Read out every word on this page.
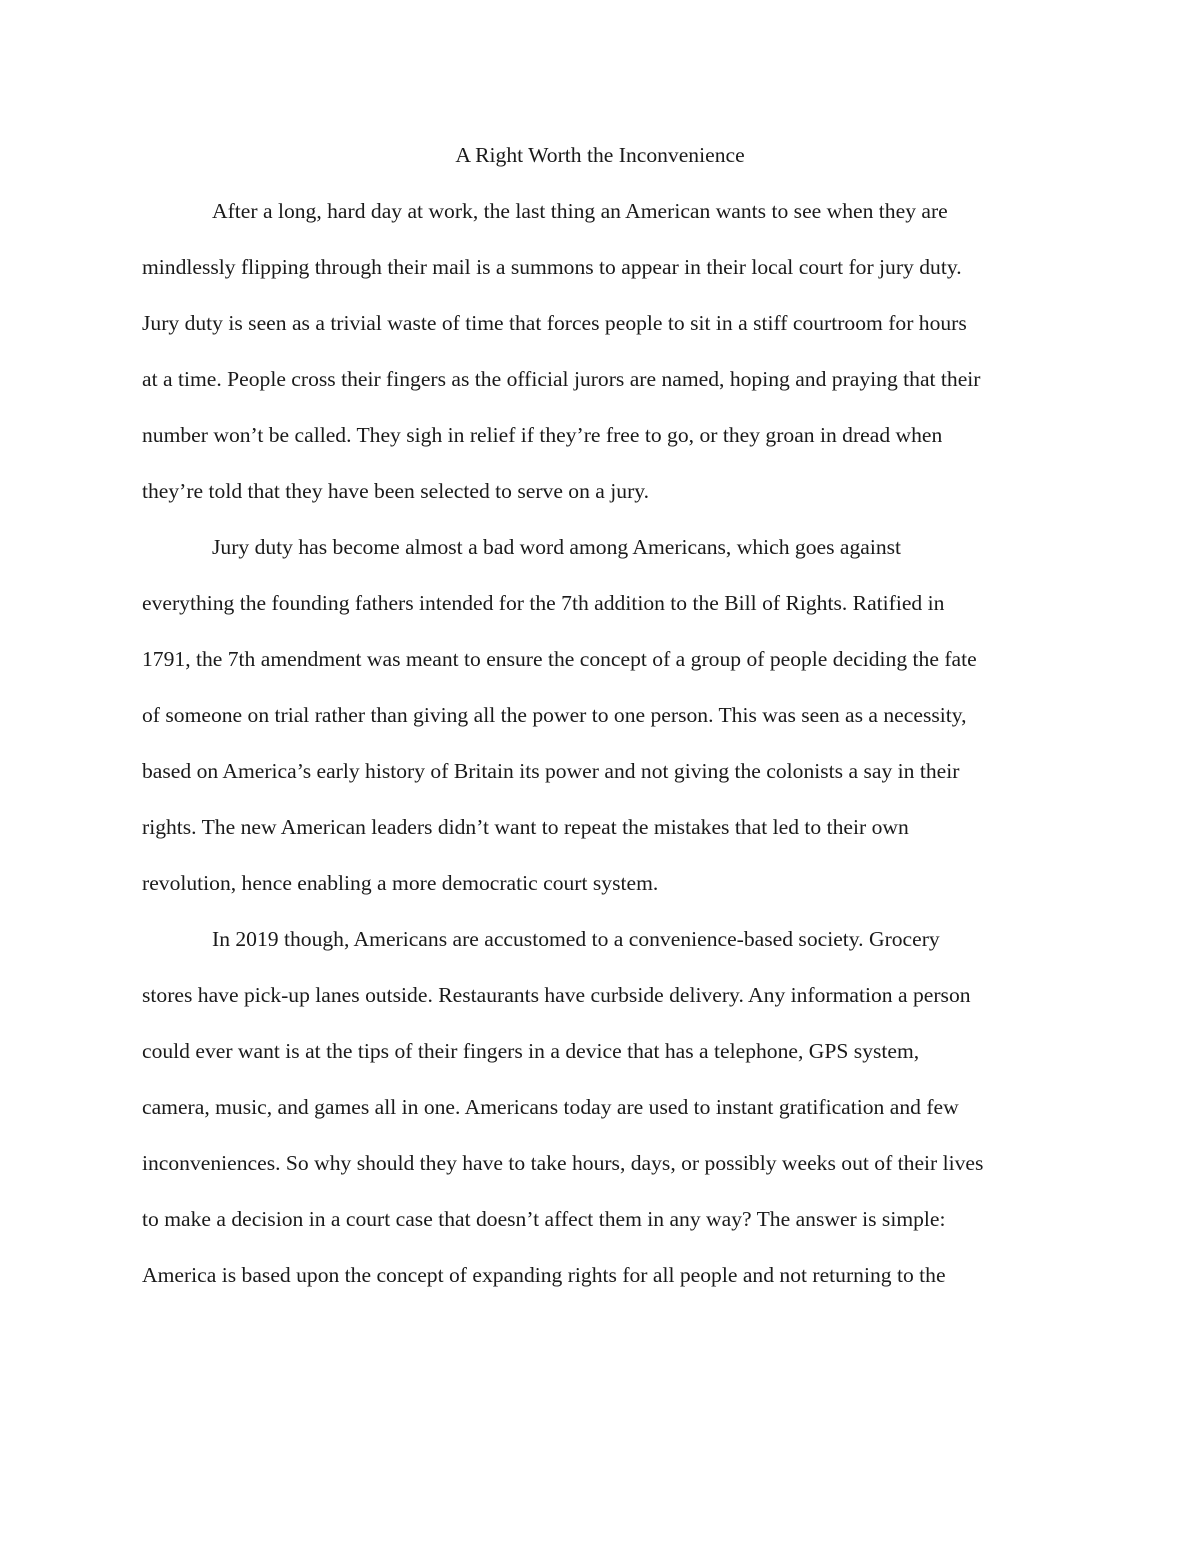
A Right Worth the Inconvenience
After a long, hard day at work, the last thing an American wants to see when they are
mindlessly flipping through their mail is a summons to appear in their local court for jury duty.
Jury duty is seen as a trivial waste of time that forces people to sit in a stiff courtroom for hours
at a time. People cross their fingers as the official jurors are named, hoping and praying that their
number won’t be called. They sigh in relief if they’re free to go, or they groan in dread when
they’re told that they have been selected to serve on a jury.
Jury duty has become almost a bad word among Americans, which goes against
everything the founding fathers intended for the 7th addition to the Bill of Rights. Ratified in
1791, the 7th amendment was meant to ensure the concept of a group of people deciding the fate
of someone on trial rather than giving all the power to one person. This was seen as a necessity,
based on America’s early history of Britain its power and not giving the colonists a say in their
rights. The new American leaders didn’t want to repeat the mistakes that led to their own
revolution, hence enabling a more democratic court system.
In 2019 though, Americans are accustomed to a convenience-based society. Grocery
stores have pick-up lanes outside. Restaurants have curbside delivery. Any information a person
could ever want is at the tips of their fingers in a device that has a telephone, GPS system,
camera, music, and games all in one. Americans today are used to instant gratification and few
inconveniences. So why should they have to take hours, days, or possibly weeks out of their lives
to make a decision in a court case that doesn’t affect them in any way? The answer is simple:
America is based upon the concept of expanding rights for all people and not returning to the
